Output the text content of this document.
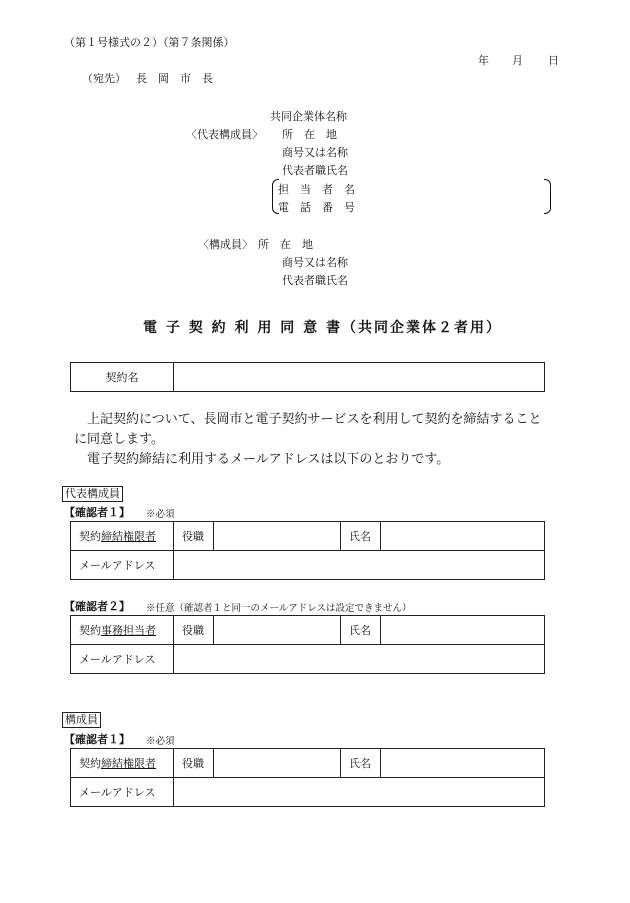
（第１号様式の２）（第７条関係）
年 月 日
（宛先） 長　岡　市　長
共同企業体名称
〈代表構成員〉 所　在　地
商号又は名称
代表者職氏名
担　当　者　名
電　話　番　号
〈構成員〉 所　在　地
商号又は名称
代表者職氏名
電 子 契 約 利 用 同 意 書（共同企業体２者用）
契約名	
　上記契約について、長岡市と電子契約サービスを利用して契約を締結すること
に同意します。
　電子契約締結に利用するメールアドレスは以下のとおりです。
代表構成員
【確認者１】 ※必須
契約締結権限者	役職		氏名	
メールアドレス				
【確認者２】 ※任意（確認者１と同一のメールアドレスは設定できません）
契約事務担当者	役職		氏名	
メールアドレス				
構成員
【確認者１】 ※必須
契約締結権限者	役職		氏名	
メールアドレス				
